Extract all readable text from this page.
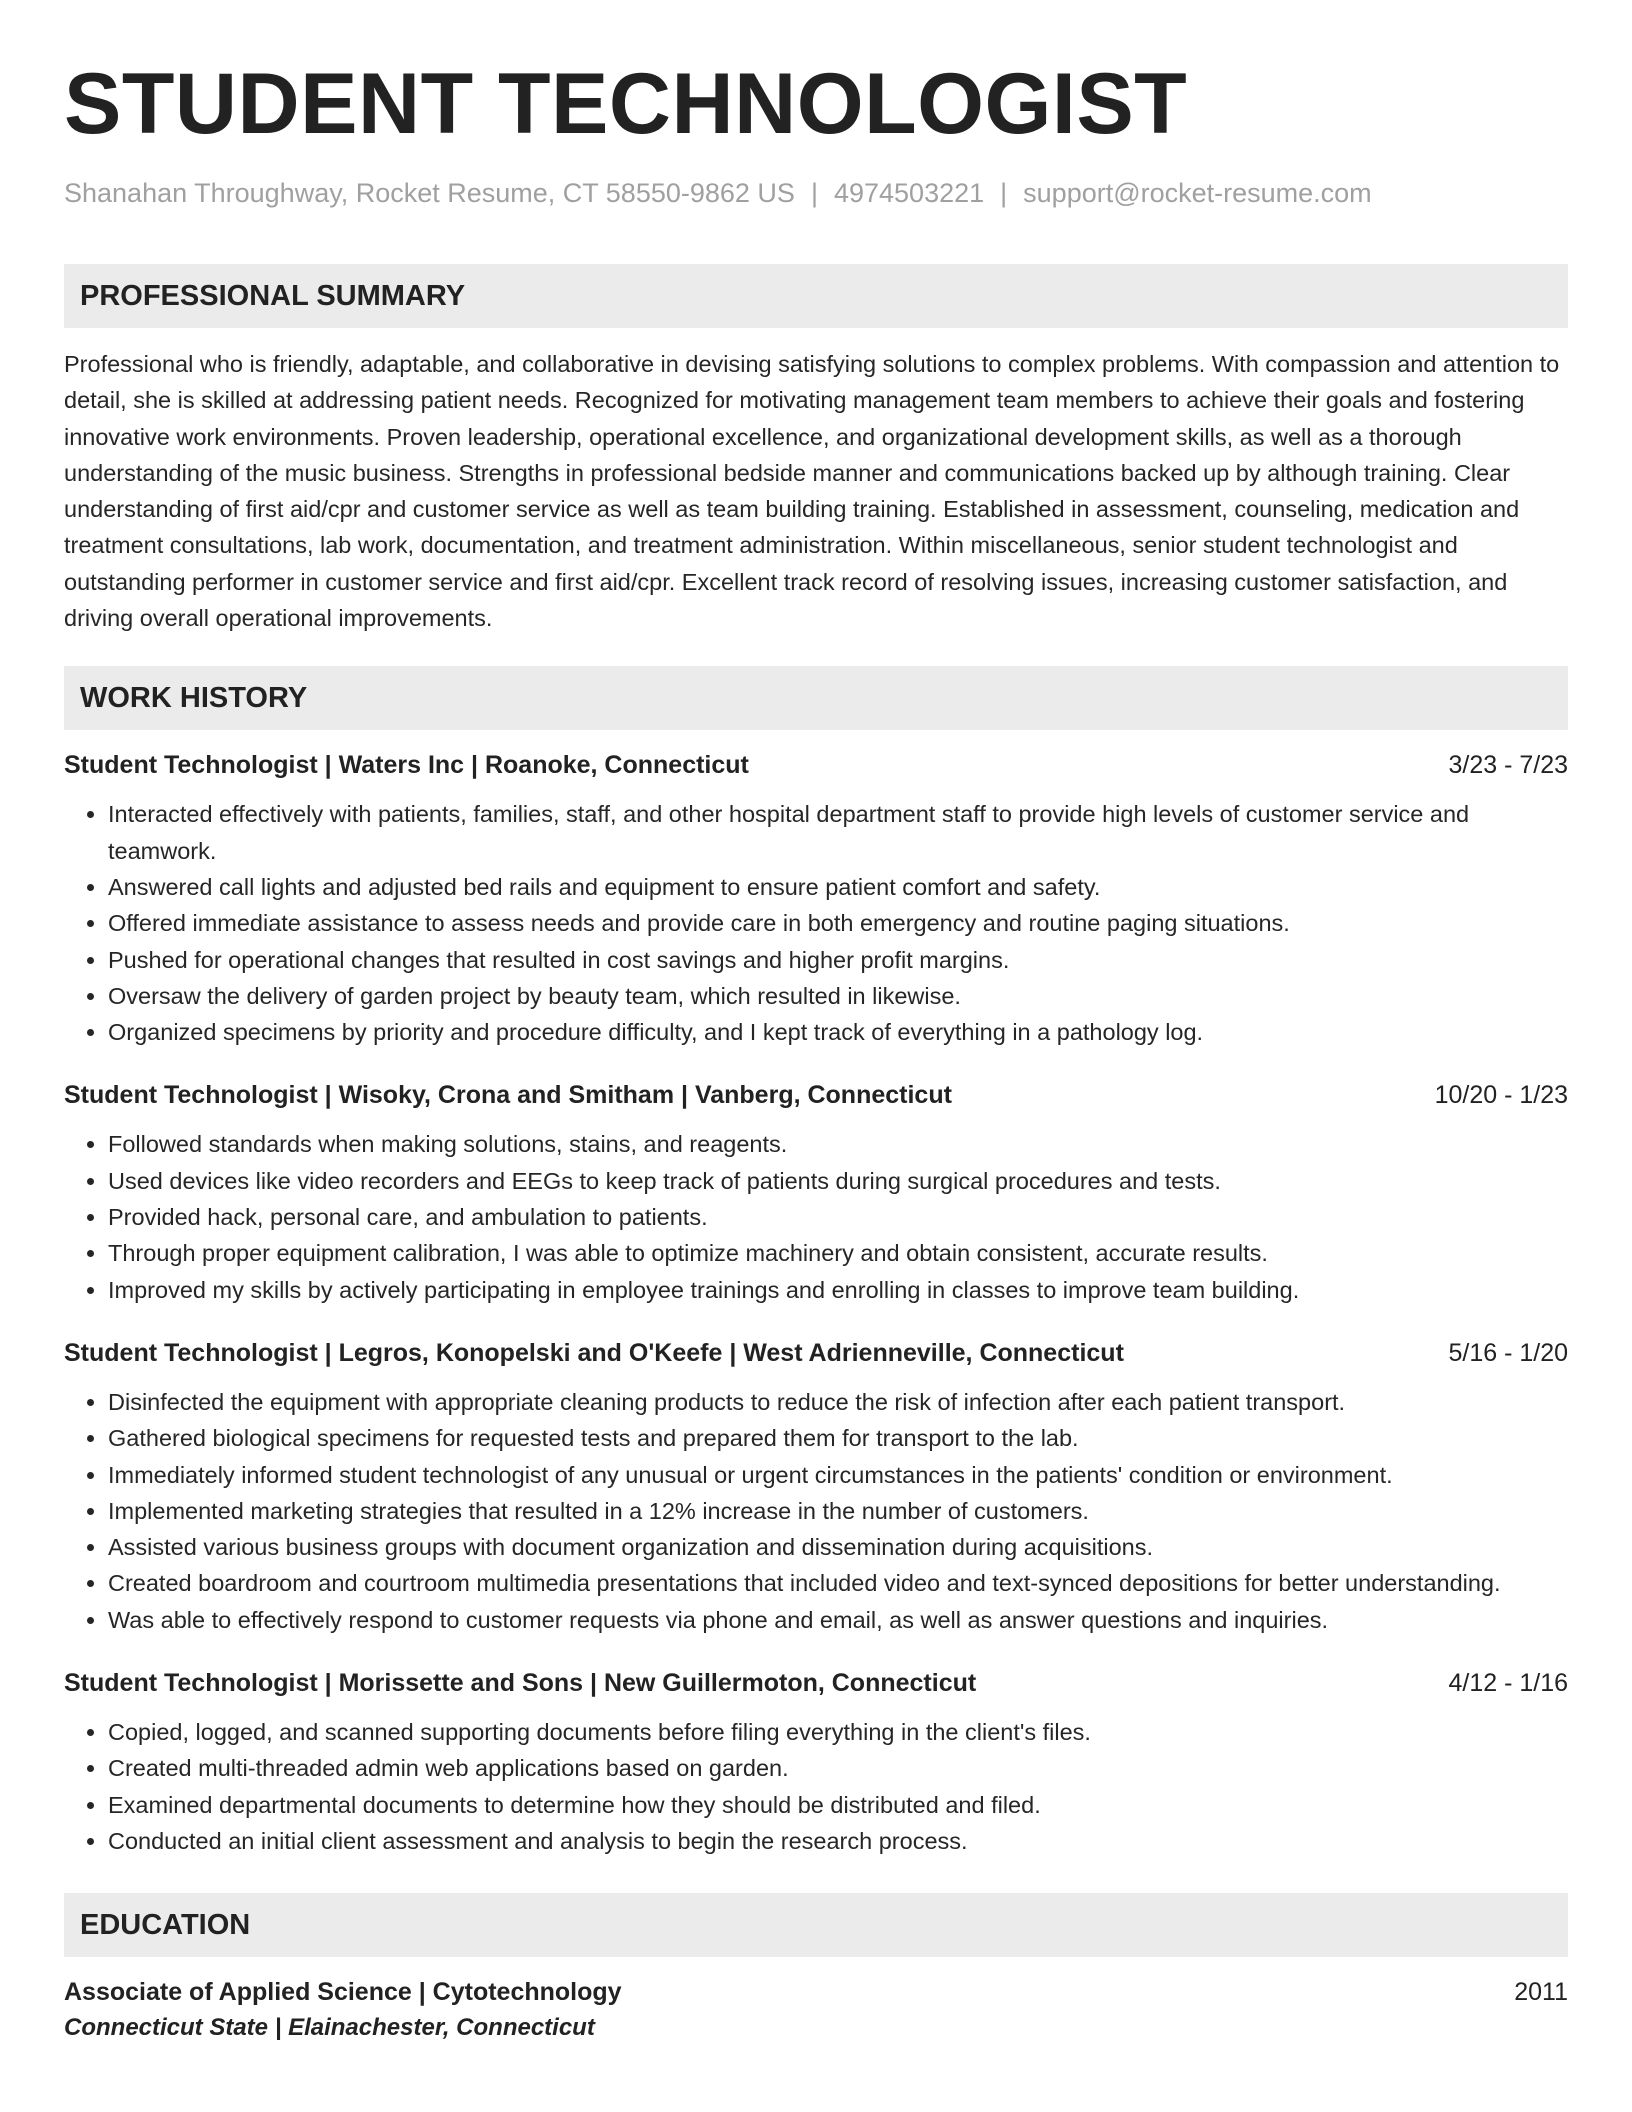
STUDENT TECHNOLOGIST
Shanahan Throughway, Rocket Resume, CT 58550-9862 US | 4974503221 | support@rocket-resume.com
PROFESSIONAL SUMMARY
Professional who is friendly, adaptable, and collaborative in devising satisfying solutions to complex problems. With compassion and attention to detail, she is skilled at addressing patient needs. Recognized for motivating management team members to achieve their goals and fostering innovative work environments. Proven leadership, operational excellence, and organizational development skills, as well as a thorough understanding of the music business. Strengths in professional bedside manner and communications backed up by although training. Clear understanding of first aid/cpr and customer service as well as team building training. Established in assessment, counseling, medication and treatment consultations, lab work, documentation, and treatment administration. Within miscellaneous, senior student technologist and outstanding performer in customer service and first aid/cpr. Excellent track record of resolving issues, increasing customer satisfaction, and driving overall operational improvements.
WORK HISTORY
Student Technologist | Waters Inc | Roanoke, Connecticut	3/23 - 7/23
• Interacted effectively with patients, families, staff, and other hospital department staff to provide high levels of customer service and teamwork.
• Answered call lights and adjusted bed rails and equipment to ensure patient comfort and safety.
• Offered immediate assistance to assess needs and provide care in both emergency and routine paging situations.
• Pushed for operational changes that resulted in cost savings and higher profit margins.
• Oversaw the delivery of garden project by beauty team, which resulted in likewise.
• Organized specimens by priority and procedure difficulty, and I kept track of everything in a pathology log.
Student Technologist | Wisoky, Crona and Smitham | Vanberg, Connecticut	10/20 - 1/23
• Followed standards when making solutions, stains, and reagents.
• Used devices like video recorders and EEGs to keep track of patients during surgical procedures and tests.
• Provided hack, personal care, and ambulation to patients.
• Through proper equipment calibration, I was able to optimize machinery and obtain consistent, accurate results.
• Improved my skills by actively participating in employee trainings and enrolling in classes to improve team building.
Student Technologist | Legros, Konopelski and O'Keefe | West Adrienneville, Connecticut	5/16 - 1/20
• Disinfected the equipment with appropriate cleaning products to reduce the risk of infection after each patient transport.
• Gathered biological specimens for requested tests and prepared them for transport to the lab.
• Immediately informed student technologist of any unusual or urgent circumstances in the patients' condition or environment.
• Implemented marketing strategies that resulted in a 12% increase in the number of customers.
• Assisted various business groups with document organization and dissemination during acquisitions.
• Created boardroom and courtroom multimedia presentations that included video and text-synced depositions for better understanding.
• Was able to effectively respond to customer requests via phone and email, as well as answer questions and inquiries.
Student Technologist | Morissette and Sons | New Guillermoton, Connecticut	4/12 - 1/16
• Copied, logged, and scanned supporting documents before filing everything in the client's files.
• Created multi-threaded admin web applications based on garden.
• Examined departmental documents to determine how they should be distributed and filed.
• Conducted an initial client assessment and analysis to begin the research process.
EDUCATION
Associate of Applied Science | Cytotechnology	2011
Connecticut State | Elainachester, Connecticut
